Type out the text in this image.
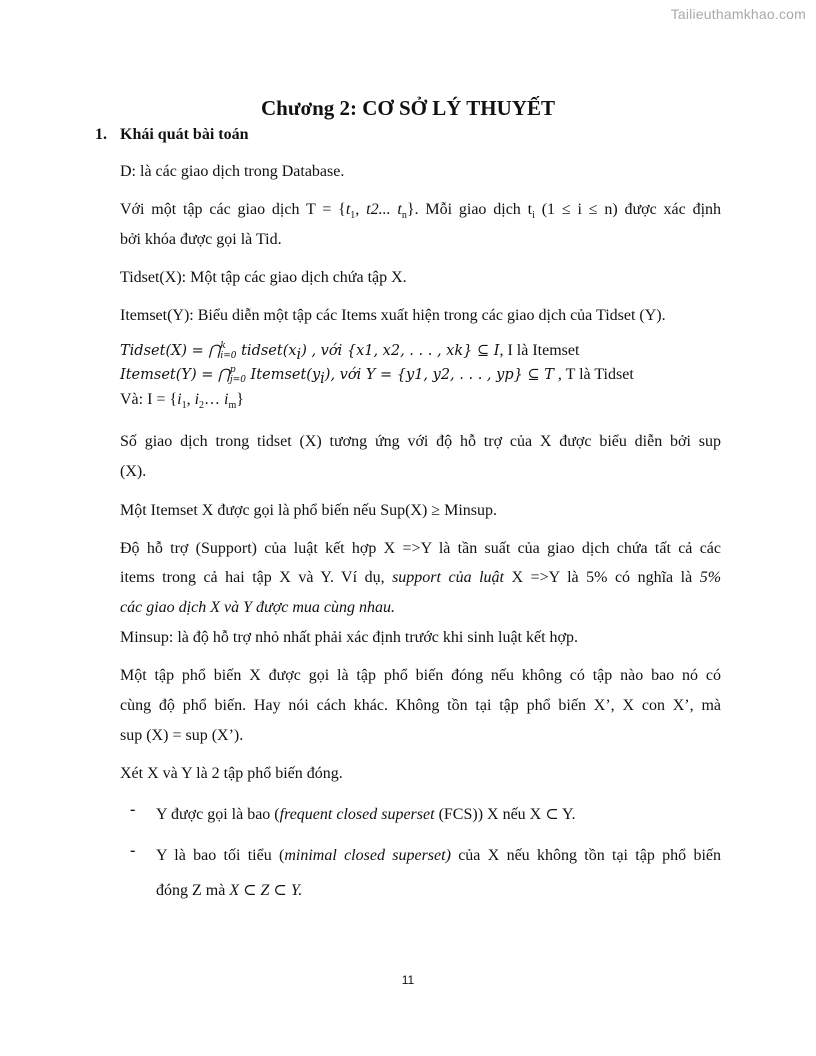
Tailieuthamkhao.com
Chương 2: CƠ SỞ LÝ THUYẾT
1. Khái quát bài toán
D: là các giao dịch trong Database.
Với một tập các giao dịch $T = \{t_1$, t2... $t_n$}. Mỗi giao dịch $t_i$ (1 ≤ i ≤ n) được xác định
bởi khóa được gọi là Tid.
Tidset(X): Một tập các giao dịch chứa tập X.
Itemset(Y): Biểu diễn một tập các Items xuất hiện trong các giao dịch của Tidset (Y).
Tidset(X) = ⋂ k
i=0 $tidset(x_i)$ , với {x1, x2, . . . , xk} ⊆ I, I là Itemset
Itemset(Y) = ⋂ p
j=0 $Itemset(y_i)$, với Y = {y1, y2, . . . , yp} ⊆ T , T là Tidset
Và: $I = \{i_1$, $i_2\dots$ $i_m$}
Số giao dịch trong tidset (X) tương ứng với độ hỗ trợ của X được biểu diễn bởi sup
(X).
Một Itemset X được gọi là phổ biến nếu Sup(X) ≥ Minsup.
Độ hỗ trợ (Support) của luật kết hợp X =>Y là tần suất của giao dịch chứa tất cả các
items trong cả hai tập X và Y. Ví dụ, support của luật X =>Y là 5% có nghĩa là 5%
các giao dịch X và Y được mua cùng nhau.
Minsup: là độ hỗ trợ nhỏ nhất phải xác định trước khi sinh luật kết hợp.
Một tập phổ biến X được gọi là tập phổ biến đóng nếu không có tập nào bao nó có
cùng độ phổ biến. Hay nói cách khác. Không tồn tại tập phổ biến X’, X con X’, mà
sup (X) = sup (X’).
Xét X và Y là 2 tập phổ biến đóng.
- Y được gọi là bao (frequent closed superset (FCS)) X nếu X ⊂ Y.
- Y là bao tối tiểu (minimal closed superset) của X nếu không tồn tại tập phổ biến
đóng Z mà X ⊂ Z ⊂ Y.
11
